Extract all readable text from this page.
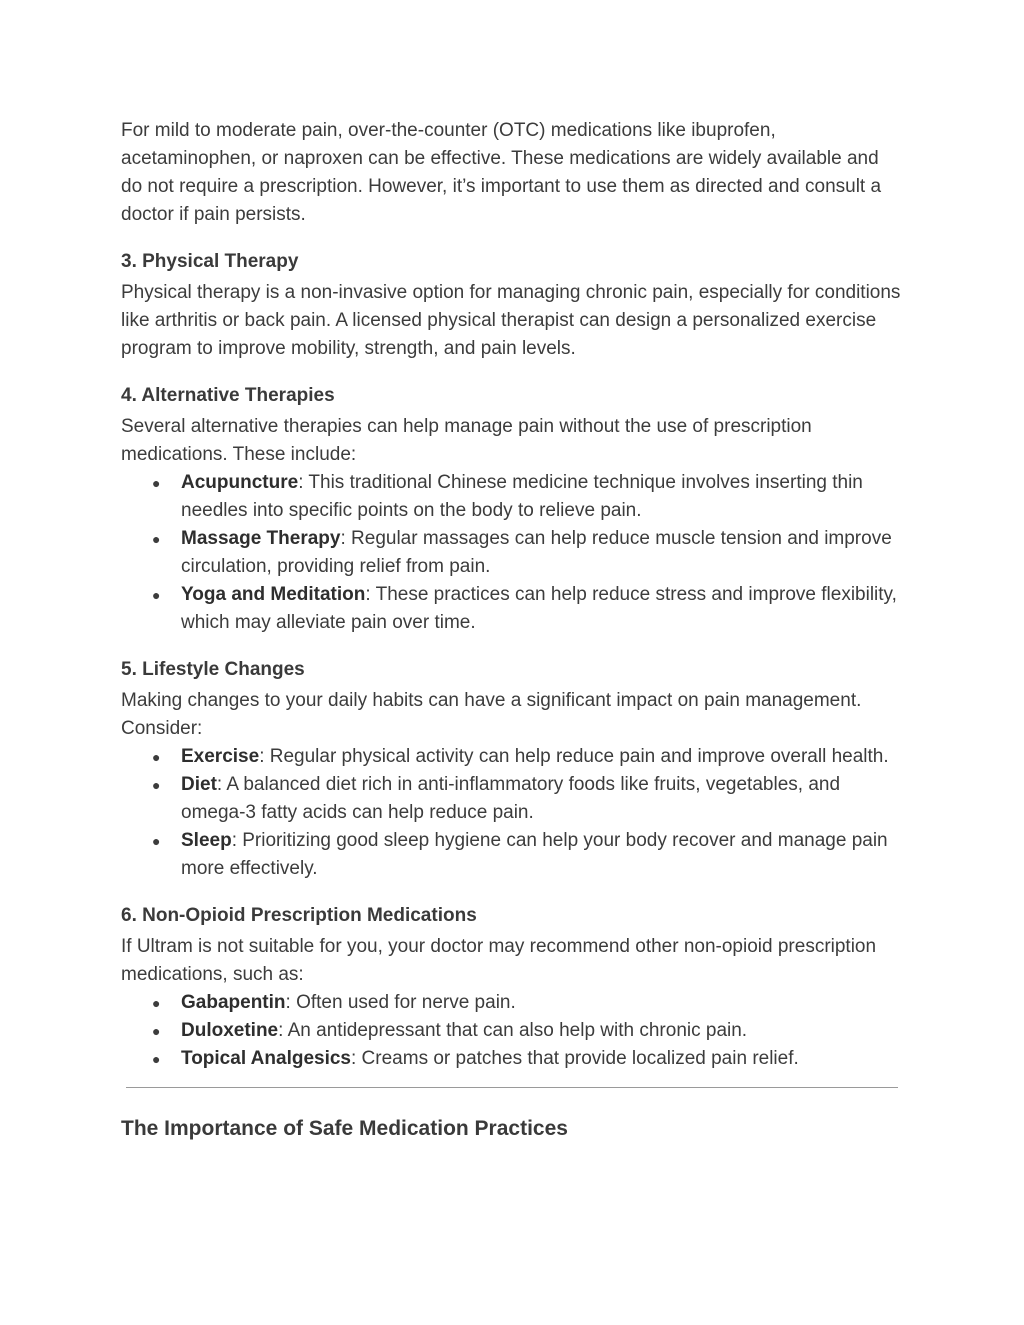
For mild to moderate pain, over-the-counter (OTC) medications like ibuprofen, acetaminophen, or naproxen can be effective. These medications are widely available and do not require a prescription. However, it’s important to use them as directed and consult a doctor if pain persists.

3. Physical Therapy

Physical therapy is a non-invasive option for managing chronic pain, especially for conditions like arthritis or back pain. A licensed physical therapist can design a personalized exercise program to improve mobility, strength, and pain levels.

4. Alternative Therapies

Several alternative therapies can help manage pain without the use of prescription medications. These include:

● Acupuncture: This traditional Chinese medicine technique involves inserting thin needles into specific points on the body to relieve pain.
● Massage Therapy: Regular massages can help reduce muscle tension and improve circulation, providing relief from pain.
● Yoga and Meditation: These practices can help reduce stress and improve flexibility, which may alleviate pain over time.
5. Lifestyle Changes

Making changes to your daily habits can have a significant impact on pain management. Consider:

● Exercise: Regular physical activity can help reduce pain and improve overall health.
● Diet: A balanced diet rich in anti-inflammatory foods like fruits, vegetables, and omega-3 fatty acids can help reduce pain.
● Sleep: Prioritizing good sleep hygiene can help your body recover and manage pain more effectively.
6. Non-Opioid Prescription Medications

If Ultram is not suitable for you, your doctor may recommend other non-opioid prescription medications, such as:

● Gabapentin: Often used for nerve pain.
● Duloxetine: An antidepressant that can also help with chronic pain.
● Topical Analgesics: Creams or patches that provide localized pain relief.
The Importance of Safe Medication Practices
